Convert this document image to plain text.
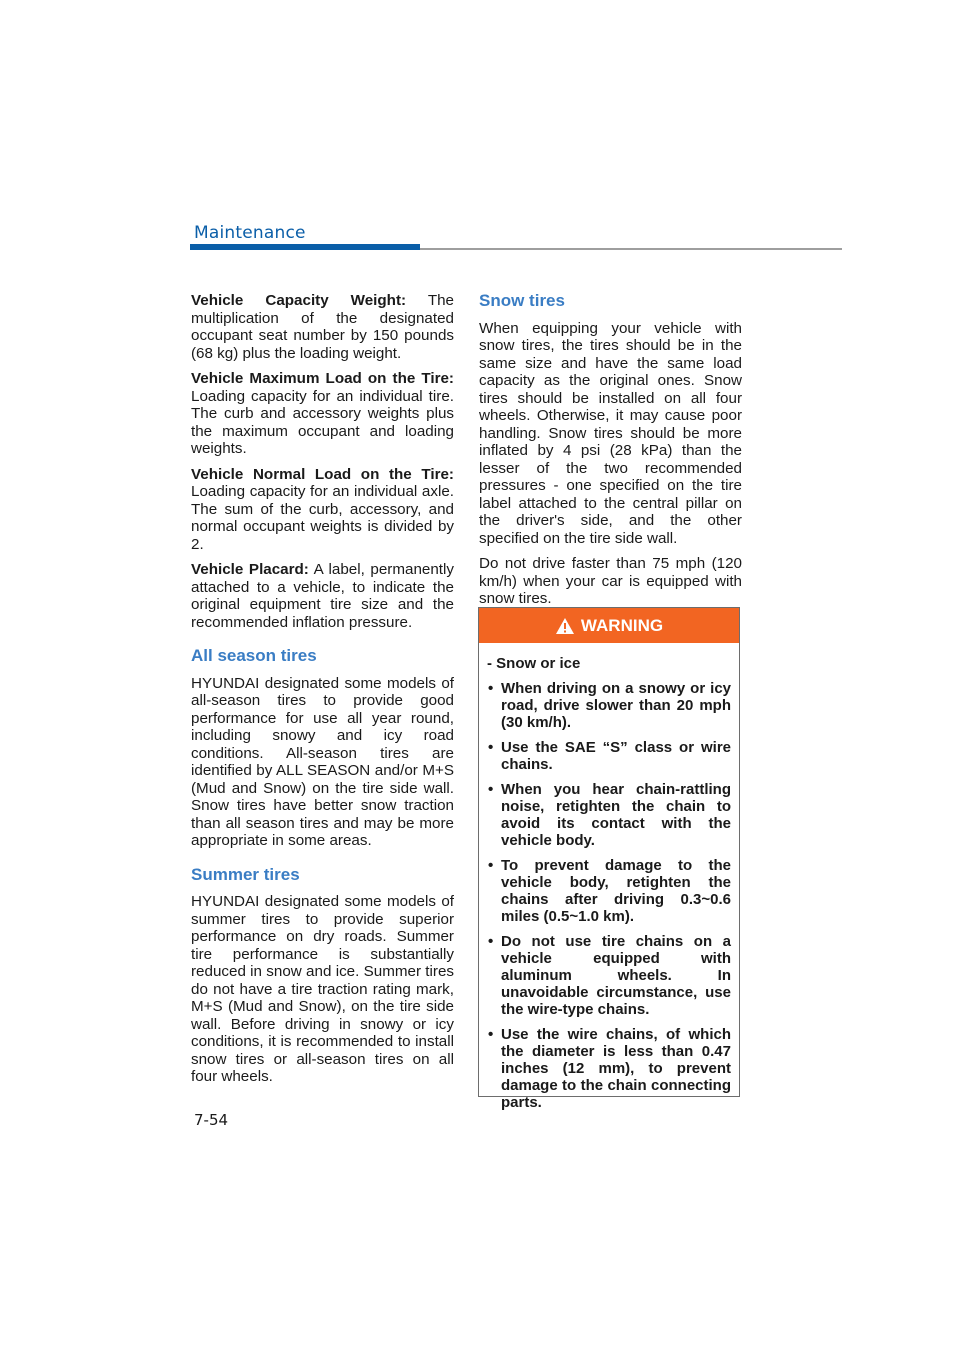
Maintenance

Vehicle Capacity Weight: The multiplication of the designated occupant seat number by 150 pounds (68 kg) plus the loading weight.

Vehicle Maximum Load on the Tire: Loading capacity for an individual tire. The curb and accessory weights plus the maximum occupant and loading weights.

Vehicle Normal Load on the Tire: Loading capacity for an individual axle. The sum of the curb, accessory, and normal occupant weights is divided by 2.

Vehicle Placard: A label, permanently attached to a vehicle, to indicate the original equipment tire size and the recommended inflation pressure.

All season tires

HYUNDAI designated some models of all-season tires to provide good performance for use all year round, including snowy and icy road conditions. All-season tires are identified by ALL SEASON and/or M+S (Mud and Snow) on the tire side wall. Snow tires have better snow traction than all season tires and may be more appropriate in some areas.

Summer tires

HYUNDAI designated some models of summer tires to provide superior performance on dry roads. Summer tire performance is substantially reduced in snow and ice. Summer tires do not have a tire traction rating mark, M+S (Mud and Snow), on the tire side wall. Before driving in snowy or icy conditions, it is recommended to install snow tires or all-season tires on all four wheels.

Snow tires

When equipping your vehicle with snow tires, the tires should be in the same size and have the same load capacity as the original ones. Snow tires should be installed on all four wheels. Otherwise, it may cause poor handling. Snow tires should be more inflated by 4 psi (28 kPa) than the lesser of the two recommended pressures - one specified on the tire label attached to the central pillar on the driver's side, and the other specified on the tire side wall.

Do not drive faster than 75 mph (120 km/h) when your car is equipped with snow tires.

WARNING
- Snow or ice
• When driving on a snowy or icy road, drive slower than 20 mph (30 km/h).
• Use the SAE “S” class or wire chains.
• When you hear chain-rattling noise, retighten the chain to avoid its contact with the vehicle body.
• To prevent damage to the vehicle body, retighten the chains after driving 0.3~0.6 miles (0.5~1.0 km).
• Do not use tire chains on a vehicle equipped with aluminum wheels. In unavoidable circumstance, use the wire-type chains.
• Use the wire chains, of which the diameter is less than 0.47 inches (12 mm), to prevent damage to the chain connecting parts.
7-54
